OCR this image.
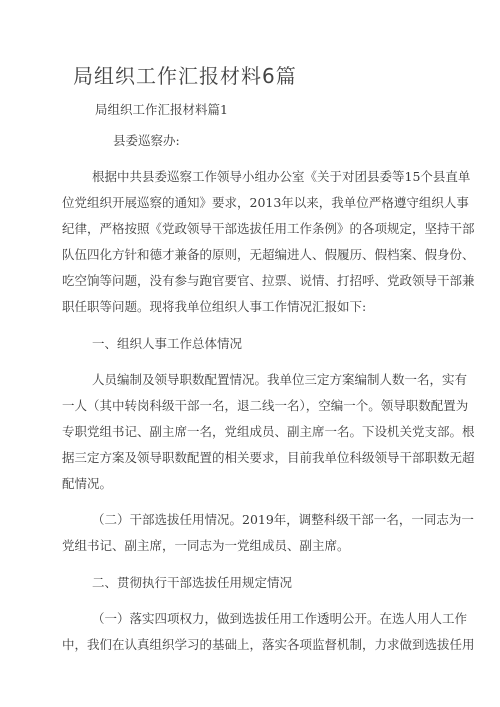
局组织工作汇报材料6篇
局组织工作汇报材料篇1
县委巡察办:
根据中共县委巡察工作领导小组办公室《关于对团县委等15个县直单
位党组织开展巡察的通知》要求，2013年以来，我单位严格遵守组织人事
纪律，严格按照《党政领导干部选拔任用工作条例》的各项规定，坚持干部
队伍四化方针和德才兼备的原则，无超编进人、假履历、假档案、假身份、
吃空饷等问题，没有参与跑官要官、拉票、说情、打招呼、党政领导干部兼
职任职等问题。现将我单位组织人事工作情况汇报如下:
一、组织人事工作总体情况
人员编制及领导职数配置情况。我单位三定方案编制人数一名，实有
一人（其中转岗科级干部一名，退二线一名），空编一个。领导职数配置为
专职党组书记、副主席一名，党组成员、副主席一名。下设机关党支部。根
据三定方案及领导职数配置的相关要求，目前我单位科级领导干部职数无超
配情况。
（二）干部选拔任用情况。2019年，调整科级干部一名，一同志为一
党组书记、副主席，一同志为一党组成员、副主席。
二、贯彻执行干部选拔任用规定情况
（一）落实四项权力，做到选拔任用工作透明公开。在选人用人工作
中，我们在认真组织学习的基础上，落实各项监督机制，力求做到选拔任用
